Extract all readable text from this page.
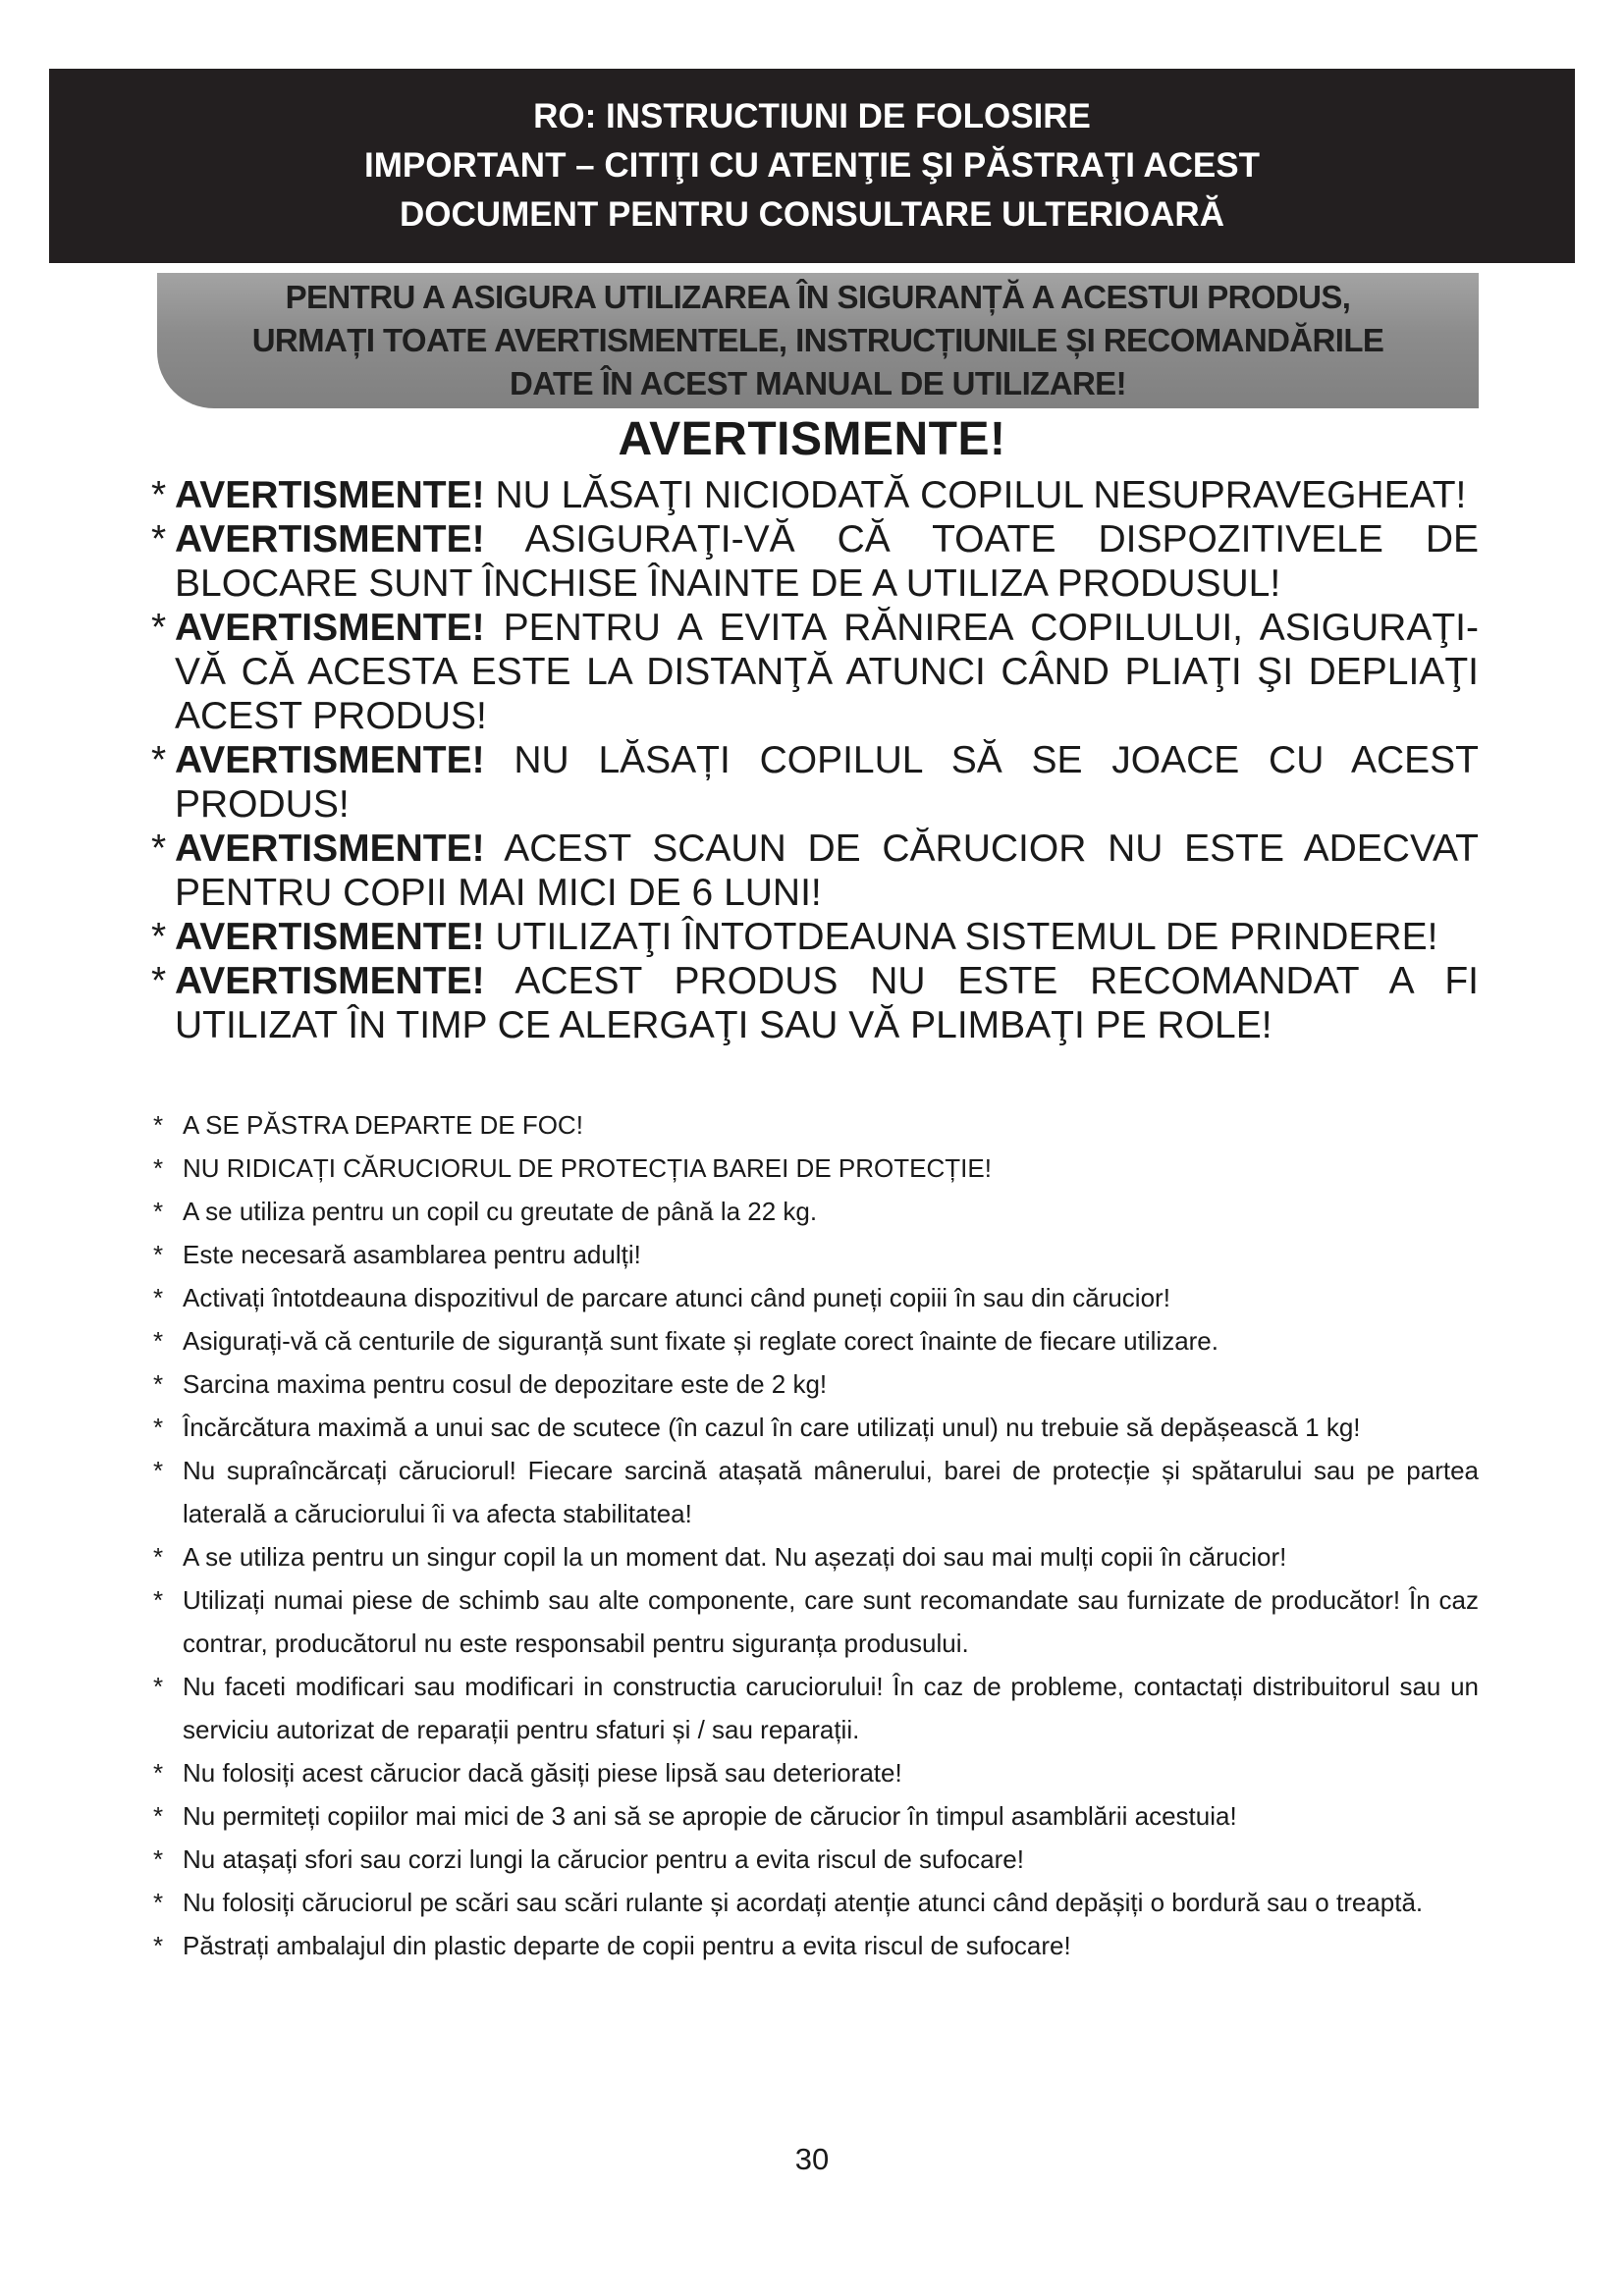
RO: INSTRUCTIUNI DE FOLOSIRE
IMPORTANT – CITIŢI CU ATENŢIE ŞI PĂSTRAŢI ACEST
DOCUMENT PENTRU CONSULTARE ULTERIOARĂ
PENTRU A ASIGURA UTILIZAREA ÎN SIGURANȚĂ A ACESTUI PRODUS,
URMAȚI TOATE AVERTISMENTELE, INSTRUCȚIUNILE ȘI RECOMANDĂRILE
DATE ÎN ACEST MANUAL DE UTILIZARE!
AVERTISMENTE!
* AVERTISMENTE! NU LĂSAŢI NICIODATĂ COPILUL NESUPRAVEGHEAT!
* AVERTISMENTE! ASIGURAŢI-VĂ CĂ TOATE DISPOZITIVELE DE BLOCARE SUNT ÎNCHISE ÎNAINTE DE A UTILIZA PRODUSUL!
* AVERTISMENTE! PENTRU A EVITA RĂNIREA COPILULUI, ASIGURAŢI-VĂ CĂ ACESTA ESTE LA DISTANŢĂ ATUNCI CÂND PLIAŢI ŞI DEPLIAŢI ACEST PRODUS!
* AVERTISMENTE! NU LĂSAȚI COPILUL SĂ SE JOACE CU ACEST PRODUS!
* AVERTISMENTE! ACEST SCAUN DE CĂRUCIOR NU ESTE ADECVAT PENTRU COPII MAI MICI DE 6 LUNI!
* AVERTISMENTE! UTILIZAŢI ÎNTOTDEAUNA SISTEMUL DE PRINDERE!
* AVERTISMENTE! ACEST PRODUS NU ESTE RECOMANDAT A FI UTILIZAT ÎN TIMP CE ALERGAŢI SAU VĂ PLIMBAŢI PE ROLE!
* A SE PĂSTRA DEPARTE DE FOC!
* NU RIDICAȚI CĂRUCIORUL DE PROTECȚIA BAREI DE PROTECȚIE!
* A se utiliza pentru un copil cu greutate de până la 22 kg.
* Este necesară asamblarea pentru adulți!
* Activați întotdeauna dispozitivul de parcare atunci când puneți copiii în sau din cărucior!
* Asigurați-vă că centurile de siguranță sunt fixate și reglate corect înainte de fiecare utilizare.
* Sarcina maxima pentru cosul de depozitare este de 2 kg!
* Încărcătura maximă a unui sac de scutece (în cazul în care utilizați unul) nu trebuie să depășească 1 kg!
* Nu supraîncărcați căruciorul! Fiecare sarcină atașată mânerului, barei de protecție și spătarului sau pe partea laterală a căruciorului îi va afecta stabilitatea!
* A se utiliza pentru un singur copil la un moment dat. Nu așezați doi sau mai mulți copii în cărucior!
* Utilizați numai piese de schimb sau alte componente, care sunt recomandate sau furnizate de producător! În caz contrar, producătorul nu este responsabil pentru siguranța produsului.
* Nu faceti modificari sau modificari in constructia caruciorului! În caz de probleme, contactați distribuitorul sau un serviciu autorizat de reparații pentru sfaturi și / sau reparații.
* Nu folosiți acest cărucior dacă găsiți piese lipsă sau deteriorate!
* Nu permiteți copiilor mai mici de 3 ani să se apropie de cărucior în timpul asamblării acestuia!
* Nu atașați sfori sau corzi lungi la cărucior pentru a evita riscul de sufocare!
* Nu folosiți căruciorul pe scări sau scări rulante și acordați atenție atunci când depășiți o bordură sau o treaptă.
* Păstrați ambalajul din plastic departe de copii pentru a evita riscul de sufocare!
30
